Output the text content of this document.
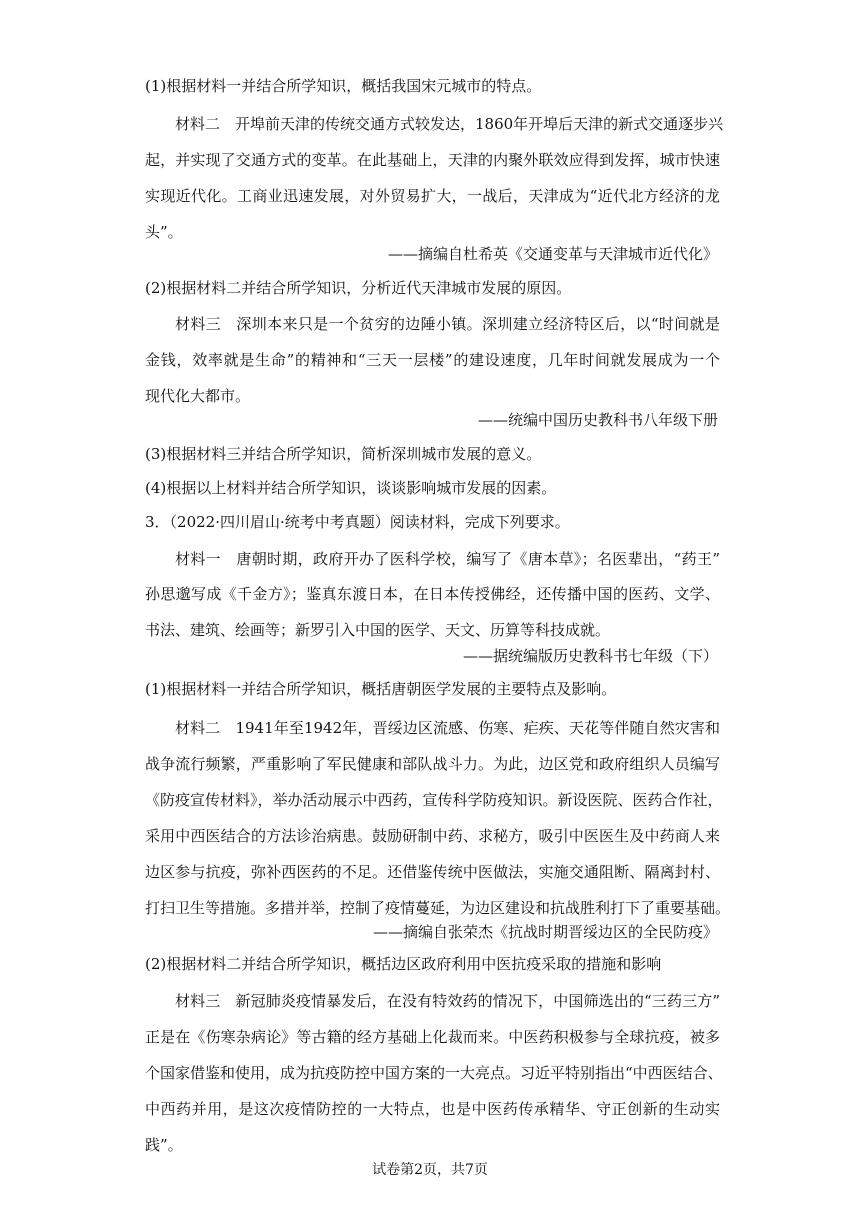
(1)根据材料一并结合所学知识，概括我国宋元城市的特点。
材料二　开埠前天津的传统交通方式较发达，1860年开埠后天津的新式交通逐步兴
起，并实现了交通方式的变革。在此基础上，天津的内聚外联效应得到发挥，城市快速
实现近代化。工商业迅速发展，对外贸易扩大，一战后，天津成为“近代北方经济的龙
头”。
——摘编自杜希英《交通变革与天津城市近代化》
(2)根据材料二并结合所学知识，分析近代天津城市发展的原因。
材料三　深圳本来只是一个贫穷的边陲小镇。深圳建立经济特区后，以“时间就是
金钱，效率就是生命”的精神和“三天一层楼”的建设速度，几年时间就发展成为一个
现代化大都市。
——统编中国历史教科书八年级下册
(3)根据材料三并结合所学知识，简析深圳城市发展的意义。
(4)根据以上材料并结合所学知识，谈谈影响城市发展的因素。
3．（2022·四川眉山·统考中考真题）阅读材料，完成下列要求。
材料一　唐朝时期，政府开办了医科学校，编写了《唐本草》；名医辈出，“药王”
孙思邈写成《千金方》；鉴真东渡日本，在日本传授佛经，还传播中国的医药、文学、
书法、建筑、绘画等；新罗引入中国的医学、天文、历算等科技成就。
——据统编版历史教科书七年级（下）
(1)根据材料一并结合所学知识，概括唐朝医学发展的主要特点及影响。
材料二　1941年至1942年，晋绥边区流感、伤寒、疟疾、天花等伴随自然灾害和
战争流行频繁，严重影响了军民健康和部队战斗力。为此，边区党和政府组织人员编写
《防疫宣传材料》，举办活动展示中西药，宣传科学防疫知识。新设医院、医药合作社，
采用中西医结合的方法诊治病患。鼓励研制中药、求秘方，吸引中医医生及中药商人来
边区参与抗疫，弥补西医药的不足。还借鉴传统中医做法，实施交通阻断、隔离封村、
打扫卫生等措施。多措并举，控制了疫情蔓延，为边区建设和抗战胜利打下了重要基础。
——摘编自张荣杰《抗战时期晋绥边区的全民防疫》
(2)根据材料二并结合所学知识，概括边区政府利用中医抗疫采取的措施和影响
材料三　新冠肺炎疫情暴发后，在没有特效药的情况下，中国筛选出的“三药三方”
正是在《伤寒杂病论》等古籍的经方基础上化裁而来。中医药积极参与全球抗疫，被多
个国家借鉴和使用，成为抗疫防控中国方案的一大亮点。习近平特别指出“中西医结合、
中西药并用，是这次疫情防控的一大特点，也是中医药传承精华、守正创新的生动实
践”。
试卷第2页，共7页
